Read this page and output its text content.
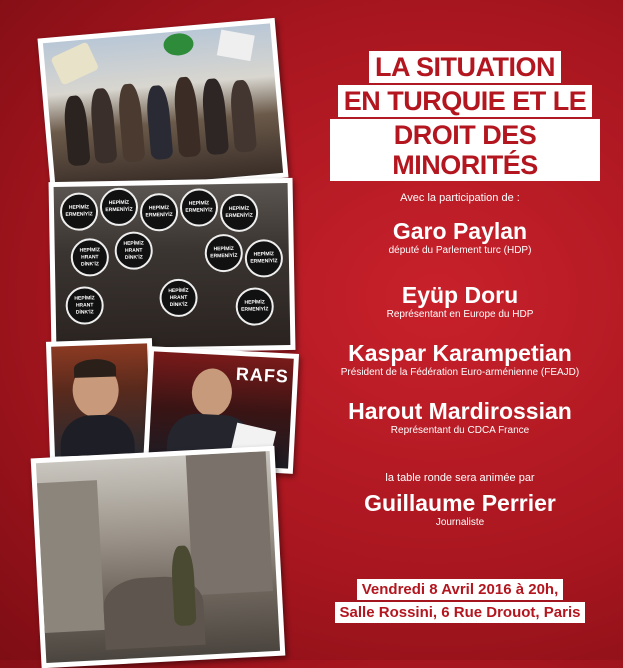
HEPİMİZ
ERMENİYİZ
HEPİMİZ
ERMENİYİZ	HEPİMİZ
ERMENİYİZ
HEPİMİZ
ERMENİYİZ	HEPİMİZ
ERMENİYİZ
HEPİMİZ
HRANT
DİNK'İZ
HEPİMİZ
HRANT
DİNK'İZ
HEPİMİZ
ERMENİYİZ	HEPİMİZ
ERMENİYİZ
HEPİMİZ
HRANT
DİNK'İZ
HEPİMİZ
HRANT
DİNK'İZ	HEPİMİZ
ERMENİYİZ
RAFS
LA SITUATION
EN TURQUIE ET LE
DROIT DES MINORITÉS
Avec la participation de :
Garo Paylan
député du Parlement turc (HDP)
Eyüp Doru
Représentant en Europe du HDP
Kaspar Karampetian
Président de la Fédération Euro-arménienne (FEAJD)
Harout Mardirossian
Représentant du CDCA France
la table ronde sera animée par
Guillaume Perrier
Journaliste
Vendredi 8 Avril 2016 à 20h,
Salle Rossini, 6 Rue Drouot, Paris
